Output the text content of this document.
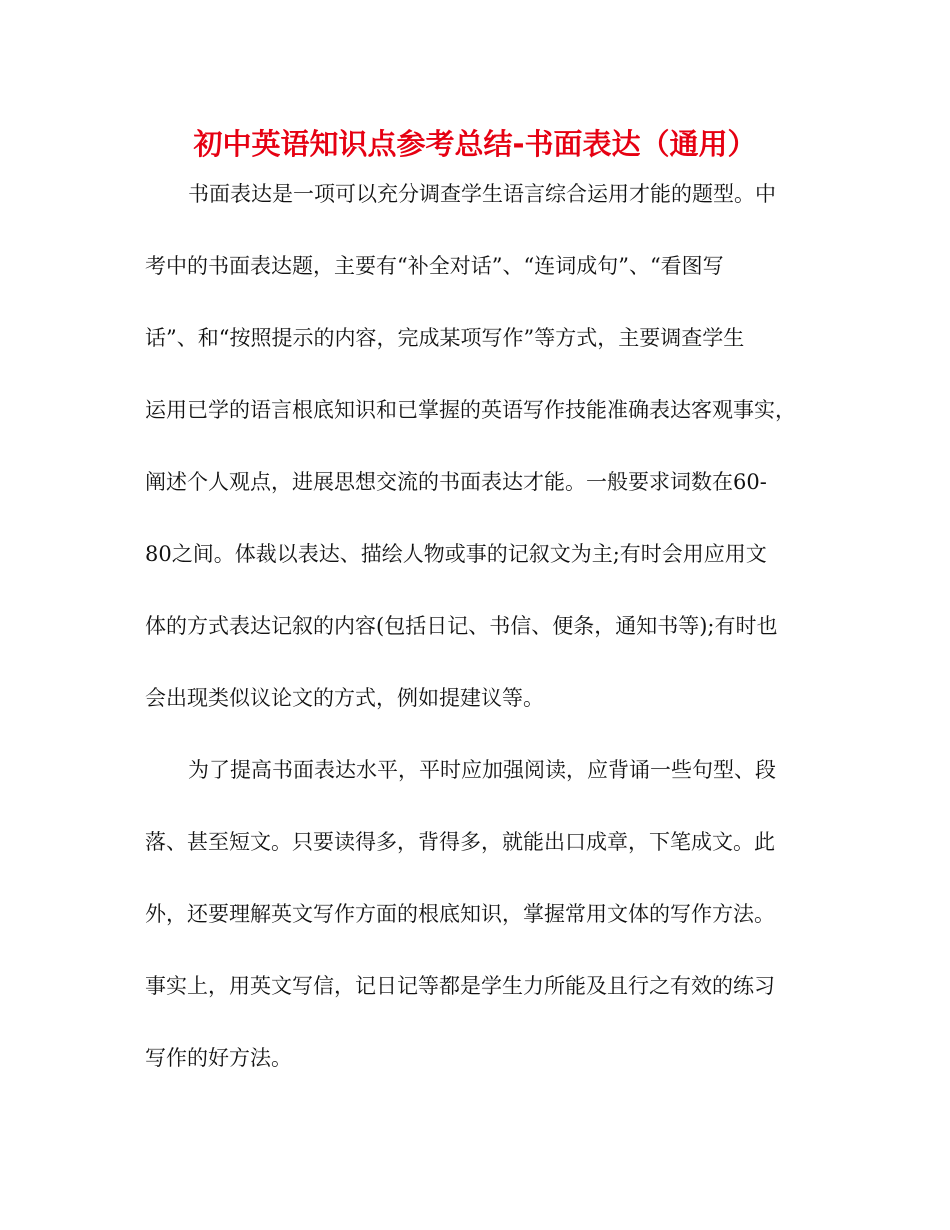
初中英语知识点参考总结-书面表达（通用）
书面表达是一项可以充分调查学生语言综合运用才能的题型。中
考中的书面表达题，主要有“补全对话”、“连词成句”、“看图写
话”、和“按照提示的内容，完成某项写作”等方式，主要调查学生
运用已学的语言根底知识和已掌握的英语写作技能准确表达客观事实，
阐述个人观点，进展思想交流的书面表达才能。一般要求词数在60-
80之间。体裁以表达、描绘人物或事的记叙文为主;有时会用应用文
体的方式表达记叙的内容(包括日记、书信、便条，通知书等);有时也
会出现类似议论文的方式，例如提建议等。
为了提高书面表达水平，平时应加强阅读，应背诵一些句型、段
落、甚至短文。只要读得多，背得多，就能出口成章，下笔成文。此
外，还要理解英文写作方面的根底知识，掌握常用文体的写作方法。
事实上，用英文写信，记日记等都是学生力所能及且行之有效的练习
写作的好方法。
